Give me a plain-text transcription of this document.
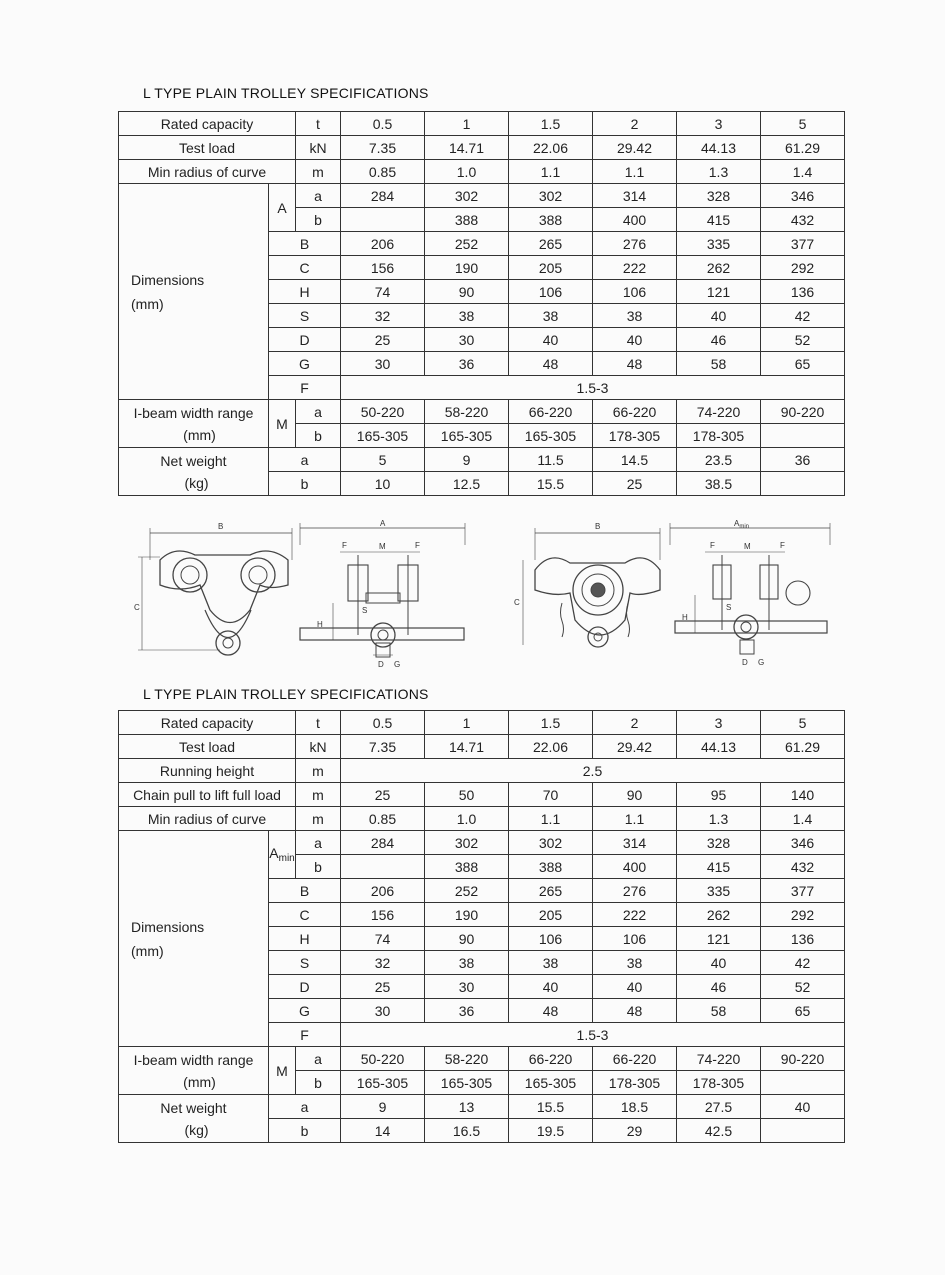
L TYPE PLAIN TROLLEY SPECIFICATIONS
Rated capacity		t	0.5	1	1.5	2	3	5
Test load		kN	7.35	14.71	22.06	29.42	44.13	61.29
Min radius of curve		m	0.85	1.0	1.1	1.1	1.3	1.4

Dimensions
(mm)	A	a	284	302	302	314	328	346
		b		388	388	400	415	432
	B		206	252	265	276	335	377
	C		156	190	205	222	262	292
	H		74	90	106	106	121	136
	S		32	38	38	38	40	42
	D		25	30	40	40	46	52
	G		30	36	48	48	58	65
	F		1.5-3					

I-beam width range
(mm)	M	a	50-220	58-220	66-220	66-220	74-220	90-220
		b	165-305	165-305	165-305	178-305	178-305	

Net weight
(kg)	a		5	9	11.5	14.5	23.5	36
	b		10	12.5	15.5	25	38.5	
B
C
A
F	M	F
H
S
D G
B
C
$A_{min}$
F	M	F
H
S
D G
L TYPE PLAIN TROLLEY SPECIFICATIONS
Rated capacity		t	0.5	1	1.5	2	3	5
Test load		kN	7.35	14.71	22.06	29.42	44.13	61.29
Running height		m	2.5					
Chain pull to lift full load		m	25	50	70	90	95	140
Min radius of curve		m	0.85	1.0	1.1	1.1	1.3	1.4

Dimensions
(mm)	$A_{min}$	a	284	302	302	314	328	346
		b		388	388	400	415	432
	B		206	252	265	276	335	377
	C		156	190	205	222	262	292
	H		74	90	106	106	121	136
	S		32	38	38	38	40	42
	D		25	30	40	40	46	52
	G		30	36	48	48	58	65
	F		1.5-3					

I-beam width range
(mm)	M	a	50-220	58-220	66-220	66-220	74-220	90-220
		b	165-305	165-305	165-305	178-305	178-305	

Net weight
(kg)	a		9	13	15.5	18.5	27.5	40
	b		14	16.5	19.5	29	42.5	
